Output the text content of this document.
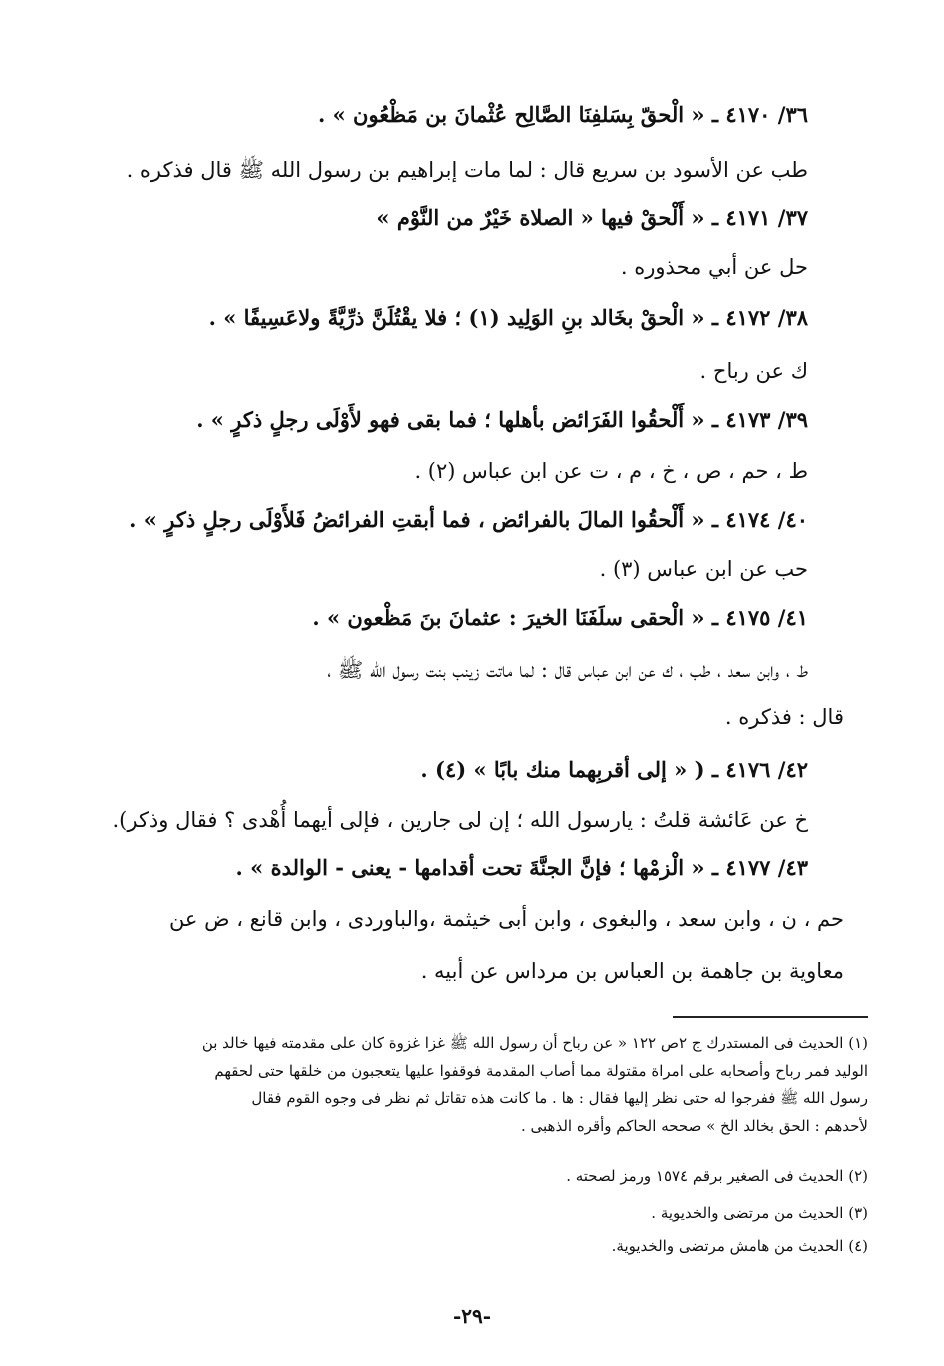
٣٦/ ٤١٧٠ ـ « الْحقّ بِسَلفِنَا الصَّالِح عُثْمانَ بن مَظْعُون » .
طب عن الأسود بن سريع قال : لما مات إبراهيم بن رسول الله ﷺ قال فذكره .
٣٧/ ٤١٧١ ـ « أَلْحقْ فيها « الصلاة خَيْرٌ من النَّوْم »
حل عن أبي محذوره .
٣٨/ ٤١٧٢ ـ « الْحقْ بخَالد بنِ الوَلِيد (١) ؛ فلا يقْتُلَنَّ ذرِّيَّةً ولاعَسِيفًا » .
ك عن رباح .
٣٩/ ٤١٧٣ ـ « أَلْحقُوا الفَرَائض بأهلها ؛ فما بقى فهو لأَوْلَى رجلٍ ذكرٍ » .
ط ، حم ، ص ، خ ، م ، ت عن ابن عباس (٢) .
٤٠/ ٤١٧٤ ـ « أَلْحقُوا المالَ بالفرائض ، فما أبقتِ الفرائضُ فَلأَوْلَى رجلٍ ذكرٍ » .
حب عن ابن عباس (٣) .
٤١/ ٤١٧٥ ـ « الْحقى سلَفَنَا الخيرَ : عثمانَ بنَ مَظْعون » .
ط ، وابن سعد ، طب ، ك عن ابن عباس قال : لما ماتت زينب بنت رسول الله ﷺ ،
قال : فذكره .
٤٢/ ٤١٧٦ ـ ( « إلى أقربِهما منك بابًا » (٤) .
خ عن عَائشة قلتُ : يارسول الله ؛ إن لى جارين ، فإلى أيهما أُهْدى ؟ فقال وذكر).
٤٣/ ٤١٧٧ ـ « الْزمْها ؛ فإنَّ الجنَّةَ تحت أقدامها - يعنى - الوالدة » .
حم ، ن ، وابن سعد ، والبغوى ، وابن أبى خيثمة ،والباوردى ، وابن قانع ، ض عن
معاوية بن جاهمة بن العباس بن مرداس عن أبيه .
(١) الحديث فى المستدرك ج ٢ص ١٢٢ « عن رباح أن رسول الله ﷺ غزا غزوة كان على مقدمته فيها خالد بن
الوليد فمر رباح وأصحابه على امراة مقتولة مما أصاب المقدمة فوقفوا عليها يتعجبون من خلقها حتى لحقهم
رسول الله ﷺ ففرجوا له حتى نظر إليها فقال : ها . ما كانت هذه تقاتل ثم نظر فى وجوه القوم فقال
لأحدهم : الحق بخالد الخ » صححه الحاكم وأقره الذهبى .
(٢) الحديث فى الصغير برقم ١٥٧٤ ورمز لصحته .
(٣) الحديث من مرتضى والخديوية .
(٤) الحديث من هامش مرتضى والخديوية.
-٢٩-
